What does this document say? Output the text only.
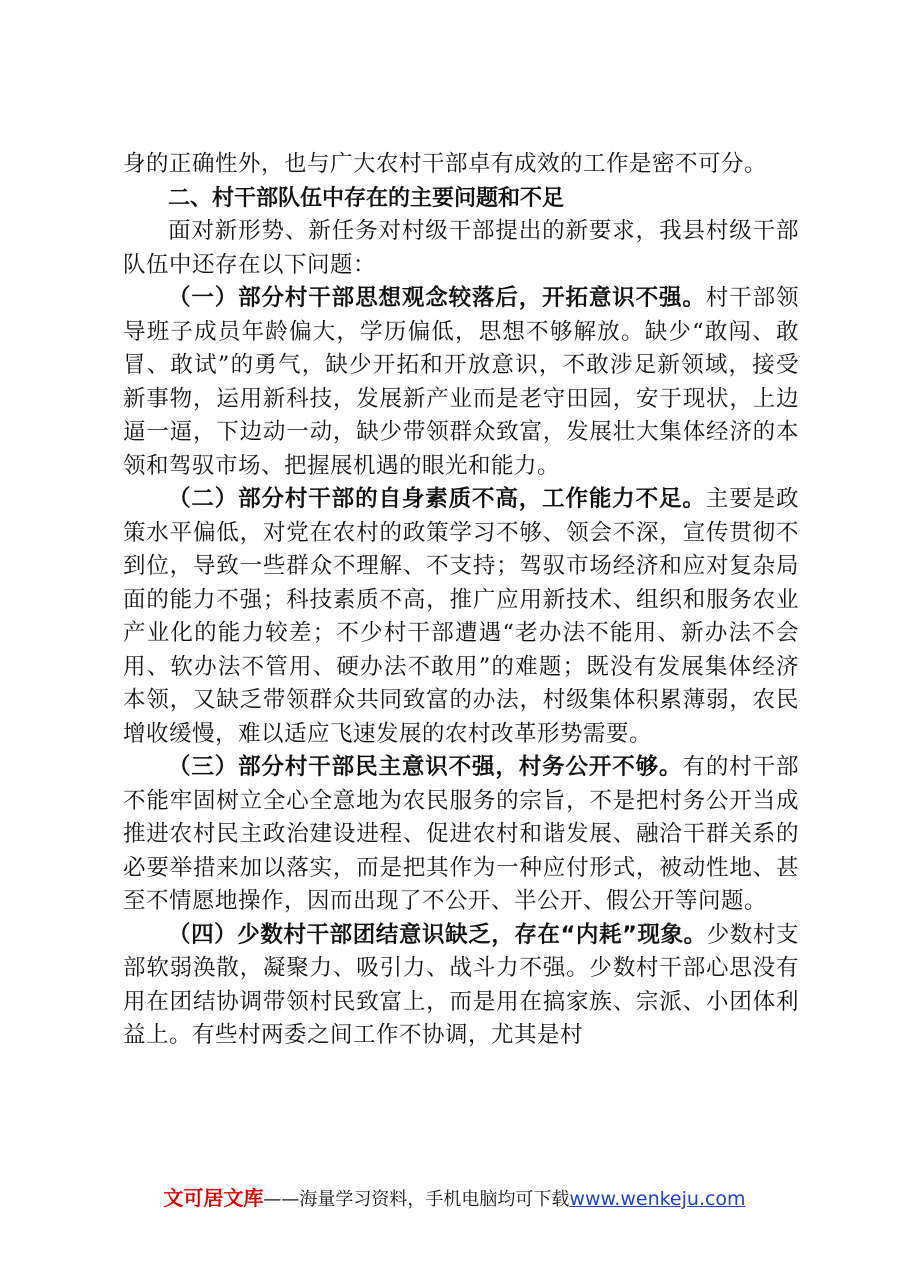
身的正确性外，也与广大农村干部卓有成效的工作是密不可分。

二、村干部队伍中存在的主要问题和不足

面对新形势、新任务对村级干部提出的新要求，我县村级干部队伍中还存在以下问题：

（一）部分村干部思想观念较落后，开拓意识不强。村干部领导班子成员年龄偏大，学历偏低，思想不够解放。缺少“敢闯、敢冒、敢试”的勇气，缺少开拓和开放意识，不敢涉足新领域，接受新事物，运用新科技，发展新产业而是老守田园，安于现状，上边逼一逼，下边动一动，缺少带领群众致富，发展壮大集体经济的本领和驾驭市场、把握展机遇的眼光和能力。

（二）部分村干部的自身素质不高，工作能力不足。主要是政策水平偏低，对党在农村的政策学习不够、领会不深，宣传贯彻不到位，导致一些群众不理解、不支持；驾驭市场经济和应对复杂局面的能力不强；科技素质不高，推广应用新技术、组织和服务农业产业化的能力较差；不少村干部遭遇“老办法不能用、新办法不会用、软办法不管用、硬办法不敢用”的难题；既没有发展集体经济本领，又缺乏带领群众共同致富的办法，村级集体积累薄弱，农民增收缓慢，难以适应飞速发展的农村改革形势需要。

（三）部分村干部民主意识不强，村务公开不够。有的村干部不能牢固树立全心全意地为农民服务的宗旨，不是把村务公开当成推进农村民主政治建设进程、促进农村和谐发展、融洽干群关系的必要举措来加以落实，而是把其作为一种应付形式，被动性地、甚至不情愿地操作，因而出现了不公开、半公开、假公开等问题。

（四）少数村干部团结意识缺乏，存在“内耗”现象。少数村支部软弱涣散，凝聚力、吸引力、战斗力不强。少数村干部心思没有用在团结协调带领村民致富上，而是用在搞家族、宗派、小团体利益上。有些村两委之间工作不协调，尤其是村

文可居文库——海量学习资料，手机电脑均可下载www.wenkeju.com
